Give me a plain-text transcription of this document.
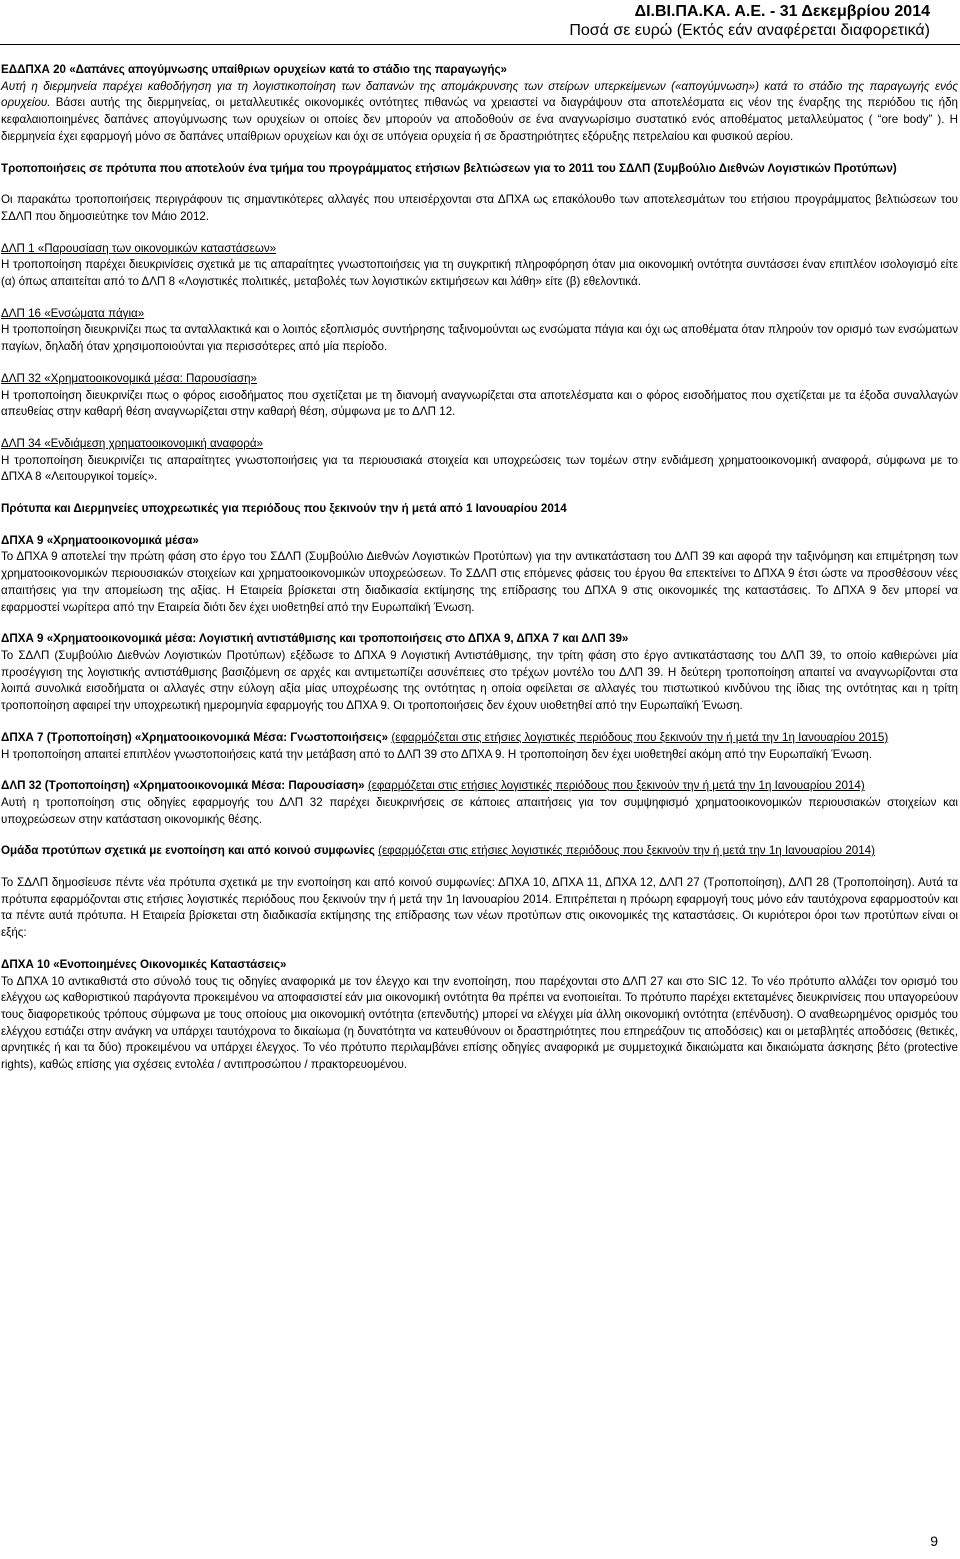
ΔΙ.ΒΙ.ΠΑ.ΚΑ. Α.Ε. - 31 Δεκεμβρίου 2014
Ποσά σε ευρώ (Εκτός εάν αναφέρεται διαφορετικά)

ΕΔΔΠΧΑ 20 «Δαπάνες απογύμνωσης υπαίθριων ορυχείων κατά το στάδιο της παραγωγής»
Αυτή η διερμηνεία παρέχει καθοδήγηση για τη λογιστικοποίηση των δαπανών της απομάκρυνσης των στείρων υπερκείμενων («απογύμνωση») κατά το στάδιο της παραγωγής ενός ορυχείου. Βάσει αυτής της διερμηνείας, οι μεταλλευτικές οικονομικές οντότητες πιθανώς να χρειαστεί να διαγράψουν στα αποτελέσματα εις νέον της έναρξης της περιόδου τις ήδη κεφαλαιοποιημένες δαπάνες απογύμνωσης των ορυχείων οι οποίες δεν μπορούν να αποδοθούν σε ένα αναγνωρίσιμο συστατικό ενός αποθέματος μεταλλεύματος ( “ore body” ). Η διερμηνεία έχει εφαρμογή μόνο σε δαπάνες υπαίθριων ορυχείων και όχι σε υπόγεια ορυχεία ή σε δραστηριότητες εξόρυξης πετρελαίου και φυσικού αερίου.

Τροποποιήσεις σε πρότυπα που αποτελούν ένα τμήμα του προγράμματος ετήσιων βελτιώσεων για το 2011 του ΣΔΛΠ (Συμβούλιο Διεθνών Λογιστικών Προτύπων)

Οι παρακάτω τροποποιήσεις περιγράφουν τις σημαντικότερες αλλαγές που υπεισέρχονται στα ΔΠΧΑ ως επακόλουθο των αποτελεσμάτων του ετήσιου προγράμματος βελτιώσεων του ΣΔΛΠ που δημοσιεύτηκε τον Μάιο 2012.

ΔΛΠ 1 «Παρουσίαση των οικονομικών καταστάσεων»

Η τροποποίηση παρέχει διευκρινίσεις σχετικά με τις απαραίτητες γνωστοποιήσεις για τη συγκριτική πληροφόρηση όταν μια οικονομική οντότητα συντάσσει έναν επιπλέον ισολογισμό είτε (α) όπως απαιτείται από το ΔΛΠ 8 «Λογιστικές πολιτικές, μεταβολές των λογιστικών εκτιμήσεων και λάθη» είτε (β) εθελοντικά.

ΔΛΠ 16 «Ενσώματα πάγια»

Η τροποποίηση διευκρινίζει πως τα ανταλλακτικά και ο λοιπός εξοπλισμός συντήρησης ταξινομούνται ως ενσώματα πάγια και όχι ως αποθέματα όταν πληρούν τον ορισμό των ενσώματων παγίων, δηλαδή όταν χρησιμοποιούνται για περισσότερες από μία περίοδο.

ΔΛΠ 32 «Χρηματοοικονομικά μέσα: Παρουσίαση»

Η τροποποίηση διευκρινίζει πως ο φόρος εισοδήματος που σχετίζεται με τη διανομή αναγνωρίζεται στα αποτελέσματα και ο φόρος εισοδήματος που σχετίζεται με τα έξοδα συναλλαγών απευθείας στην καθαρή θέση αναγνωρίζεται στην καθαρή θέση, σύμφωνα με το ΔΛΠ 12.

ΔΛΠ 34 «Ενδιάμεση χρηματοοικονομική αναφορά»

Η τροποποίηση διευκρινίζει τις απαραίτητες γνωστοποιήσεις για τα περιουσιακά στοιχεία και υποχρεώσεις των τομέων στην ενδιάμεση χρηματοοικονομική αναφορά, σύμφωνα με το ΔΠΧΑ 8 «Λειτουργικοί τομείς».

Πρότυπα και Διερμηνείες υποχρεωτικές για περιόδους που ξεκινούν την ή μετά από 1 Ιανουαρίου 2014

ΔΠΧΑ 9 «Χρηματοοικονομικά μέσα»

Το ΔΠΧΑ 9 αποτελεί την πρώτη φάση στο έργο του ΣΔΛΠ (Συμβούλιο Διεθνών Λογιστικών Προτύπων) για την αντικατάσταση του ΔΛΠ 39 και αφορά την ταξινόμηση και επιμέτρηση των χρηματοοικονομικών περιουσιακών στοιχείων και χρηματοοικονομικών υποχρεώσεων. Το ΣΔΛΠ στις επόμενες φάσεις του έργου θα επεκτείνει το ΔΠΧΑ 9 έτσι ώστε να προσθέσουν νέες απαιτήσεις για την απομείωση της αξίας. Η Εταιρεία βρίσκεται στη διαδικασία εκτίμησης της επίδρασης του ΔΠΧΑ 9 στις οικονομικές της καταστάσεις. Το ΔΠΧΑ 9 δεν μπορεί να εφαρμοστεί νωρίτερα από την Εταιρεία διότι δεν έχει υιοθετηθεί από την Ευρωπαϊκή Ένωση.

ΔΠΧΑ 9 «Χρηματοοικονομικά μέσα: Λογιστική αντιστάθμισης και τροποποιήσεις στο ΔΠΧΑ 9, ΔΠΧΑ 7 και ΔΛΠ 39»

Το ΣΔΛΠ (Συμβούλιο Διεθνών Λογιστικών Προτύπων) εξέδωσε το ΔΠΧΑ 9 Λογιστική Αντιστάθμισης, την τρίτη φάση στο έργο αντικατάστασης του ΔΛΠ 39, το οποίο καθιερώνει μία προσέγγιση της λογιστικής αντιστάθμισης βασιζόμενη σε αρχές και αντιμετωπίζει ασυνέπειες στο τρέχων μοντέλο του ΔΛΠ 39. Η δεύτερη τροποποίηση απαιτεί να αναγνωρίζονται στα λοιπά συνολικά εισοδήματα οι αλλαγές στην εύλογη αξία μίας υποχρέωσης της οντότητας η οποία οφείλεται σε αλλαγές του πιστωτικού κινδύνου της ίδιας της οντότητας και η τρίτη τροποποίηση αφαιρεί την υποχρεωτική ημερομηνία εφαρμογής του ΔΠΧΑ 9. Οι τροποποιήσεις δεν έχουν υιοθετηθεί από την Ευρωπαϊκή Ένωση.

ΔΠΧΑ 7 (Τροποποίηση) «Χρηματοοικονομικά Μέσα: Γνωστοποιήσεις» (εφαρμόζεται στις ετήσιες λογιστικές περιόδους που ξεκινούν την ή μετά την 1η Ιανουαρίου 2015)

Η τροποποίηση απαιτεί επιπλέον γνωστοποιήσεις κατά την μετάβαση από το ΔΛΠ 39 στο ΔΠΧΑ 9. Η τροποποίηση δεν έχει υιοθετηθεί ακόμη από την Ευρωπαϊκή Ένωση.

ΔΛΠ 32 (Τροποποίηση) «Χρηματοοικονομικά Μέσα: Παρουσίαση» (εφαρμόζεται στις ετήσιες λογιστικές περιόδους που ξεκινούν την ή μετά την 1η Ιανουαρίου 2014)

Αυτή η τροποποίηση στις οδηγίες εφαρμογής του ΔΛΠ 32 παρέχει διευκρινήσεις σε κάποιες απαιτήσεις για τον συμψηφισμό χρηματοοικονομικών περιουσιακών στοιχείων και υποχρεώσεων στην κατάσταση οικονομικής θέσης.

Ομάδα προτύπων σχετικά με ενοποίηση και από κοινού συμφωνίες (εφαρμόζεται στις ετήσιες λογιστικές περιόδους που ξεκινούν την ή μετά την 1η Ιανουαρίου 2014)

Το ΣΔΛΠ δημοσίευσε πέντε νέα πρότυπα σχετικά με την ενοποίηση και από κοινού συμφωνίες: ΔΠΧΑ 10, ΔΠΧΑ 11, ΔΠΧΑ 12, ΔΛΠ 27 (Τροποποίηση), ΔΛΠ 28 (Τροποποίηση). Αυτά τα πρότυπα εφαρμόζονται στις ετήσιες λογιστικές περιόδους που ξεκινούν την ή μετά την 1η Ιανουαρίου 2014. Επιτρέπεται η πρόωρη εφαρμογή τους μόνο εάν ταυτόχρονα εφαρμοστούν και τα πέντε αυτά πρότυπα. Η Εταιρεία βρίσκεται στη διαδικασία εκτίμησης της επίδρασης των νέων προτύπων στις οικονομικές της καταστάσεις. Οι κυριότεροι όροι των προτύπων είναι οι εξής:

ΔΠΧΑ 10 «Ενοποιημένες Οικονομικές Καταστάσεις»

Το ΔΠΧΑ 10 αντικαθιστά στο σύνολό τους τις οδηγίες αναφορικά με τον έλεγχο και την ενοποίηση, που παρέχονται στο ΔΛΠ 27 και στο SIC 12. Το νέο πρότυπο αλλάζει τον ορισμό του ελέγχου ως καθοριστικού παράγοντα προκειμένου να αποφασιστεί εάν μια οικονομική οντότητα θα πρέπει να ενοποιείται. Το πρότυπο παρέχει εκτεταμένες διευκρινίσεις που υπαγορεύουν τους διαφορετικούς τρόπους σύμφωνα με τους οποίους μια οικονομική οντότητα (επενδυτής) μπορεί να ελέγχει μία άλλη οικονομική οντότητα (επένδυση). Ο αναθεωρημένος ορισμός του ελέγχου εστιάζει στην ανάγκη να υπάρχει ταυτόχρονα το δικαίωμα (η δυνατότητα να κατευθύνουν οι δραστηριότητες που επηρεάζουν τις αποδόσεις) και οι μεταβλητές αποδόσεις (θετικές, αρνητικές ή και τα δύο) προκειμένου να υπάρχει έλεγχος. Το νέο πρότυπο περιλαμβάνει επίσης οδηγίες αναφορικά με συμμετοχικά δικαιώματα και δικαιώματα άσκησης βέτο (protective rights), καθώς επίσης για σχέσεις εντολέα / αντιπροσώπου / πρακτορευομένου.

9
